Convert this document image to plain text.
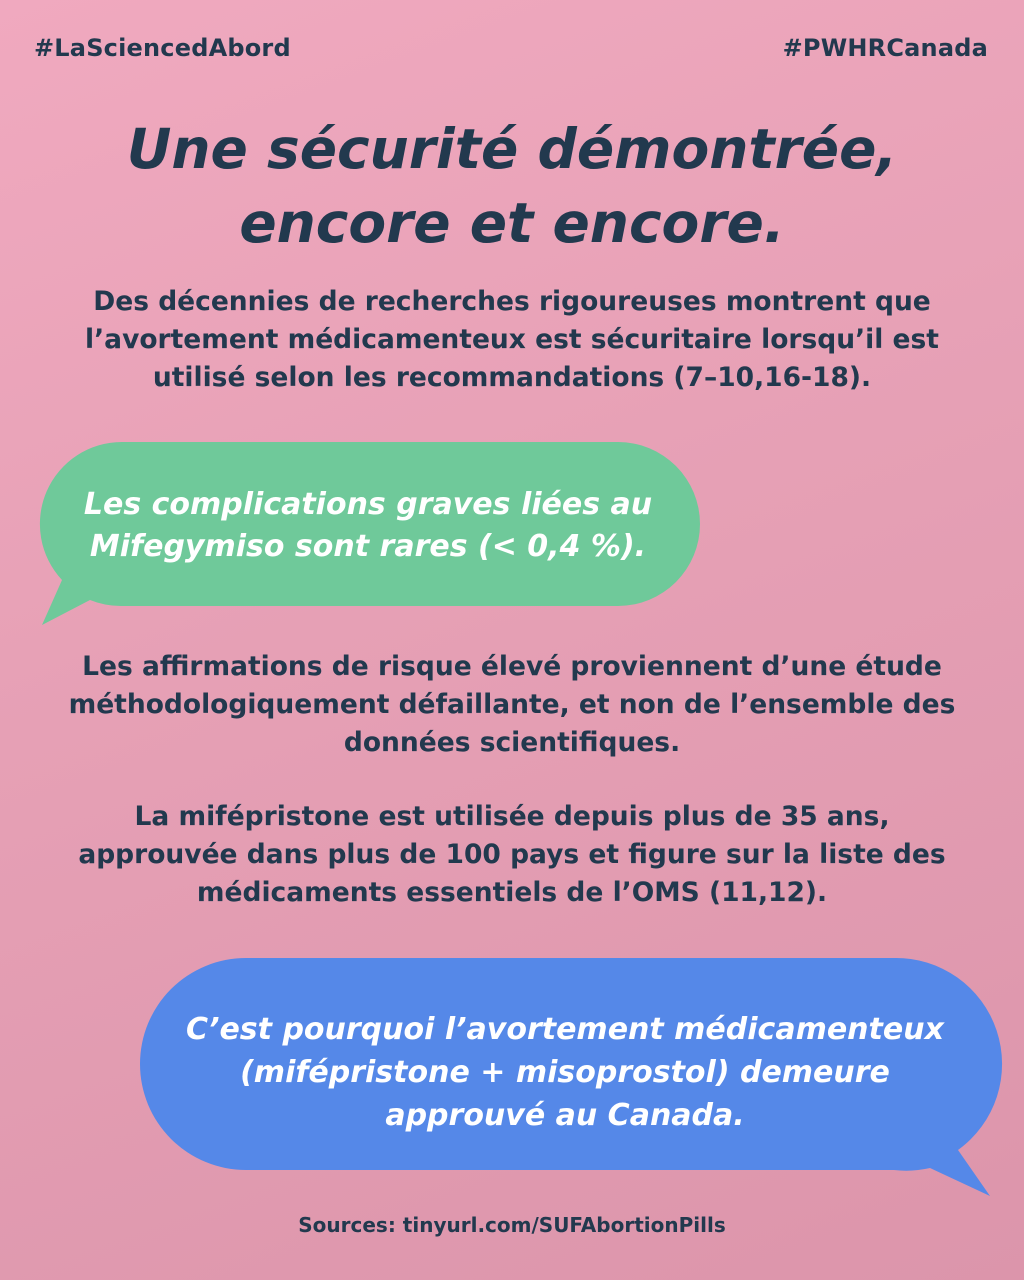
#LaSciencedAbord	#PWHRCanada
Une sécurité démontrée,
encore et encore.

Des décennies de recherches rigoureuses montrent que
l’avortement médicamenteux est sécuritaire lorsqu’il est
utilisé selon les recommandations (7–10,16-18).

Les complications graves liées au
Mifegymiso sont rares (< 0,4 %).

Les affirmations de risque élevé proviennent d’une étude
méthodologiquement défaillante, et non de l’ensemble des
données scientifiques.

La mifépristone est utilisée depuis plus de 35 ans,
approuvée dans plus de 100 pays et figure sur la liste des
médicaments essentiels de l’OMS (11,12).

C’est pourquoi l’avortement médicamenteux
(mifépristone + misoprostol) demeure
approuvé au Canada.

Sources: tinyurl.com/SUFAbortionPills
